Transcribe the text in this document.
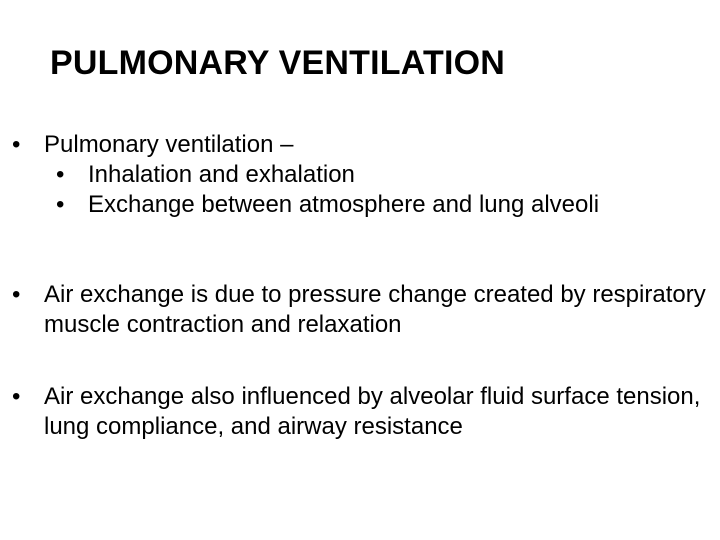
PULMONARY VENTILATION
• Pulmonary ventilation –
• Inhalation and exhalation
• Exchange between atmosphere and lung alveoli
• Air exchange is due to pressure change created by respiratory muscle contraction and relaxation
• Air exchange also influenced by alveolar fluid surface tension, lung compliance, and airway resistance
